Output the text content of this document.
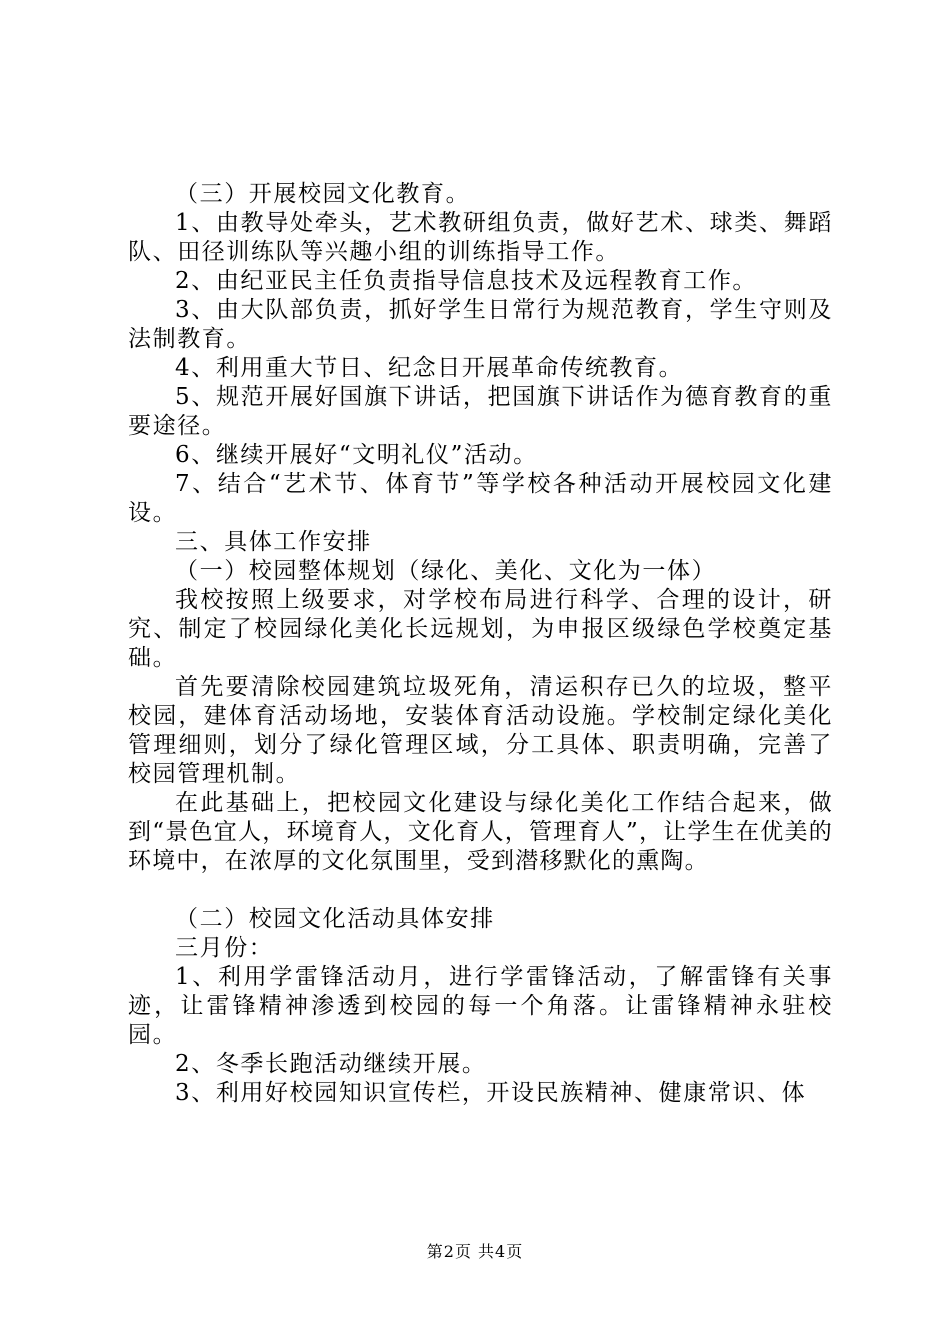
（三）开展校园文化教育。

1、由教导处牵头，艺术教研组负责，做好艺术、球类、舞蹈队、田径训练队等兴趣小组的训练指导工作。

2、由纪亚民主任负责指导信息技术及远程教育工作。

3、由大队部负责，抓好学生日常行为规范教育，学生守则及法制教育。

4、利用重大节日、纪念日开展革命传统教育。

5、规范开展好国旗下讲话，把国旗下讲话作为德育教育的重要途径。

6、继续开展好“文明礼仪”活动。

7、结合“艺术节、体育节”等学校各种活动开展校园文化建设。

三、具体工作安排

（一）校园整体规划（绿化、美化、文化为一体）

我校按照上级要求，对学校布局进行科学、合理的设计，研究、制定了校园绿化美化长远规划，为申报区级绿色学校奠定基础。

首先要清除校园建筑垃圾死角，清运积存已久的垃圾，整平校园，建体育活动场地，安装体育活动设施。学校制定绿化美化管理细则，划分了绿化管理区域，分工具体、职责明确，完善了校园管理机制。

在此基础上，把校园文化建设与绿化美化工作结合起来，做到“景色宜人，环境育人，文化育人，管理育人”，让学生在优美的环境中，在浓厚的文化氛围里，受到潜移默化的熏陶。

（二）校园文化活动具体安排

三月份：

1、利用学雷锋活动月，进行学雷锋活动，了解雷锋有关事迹，让雷锋精神渗透到校园的每一个角落。让雷锋精神永驻校园。

2、冬季长跑活动继续开展。

3、利用好校园知识宣传栏，开设民族精神、健康常识、体

第2页 共4页
